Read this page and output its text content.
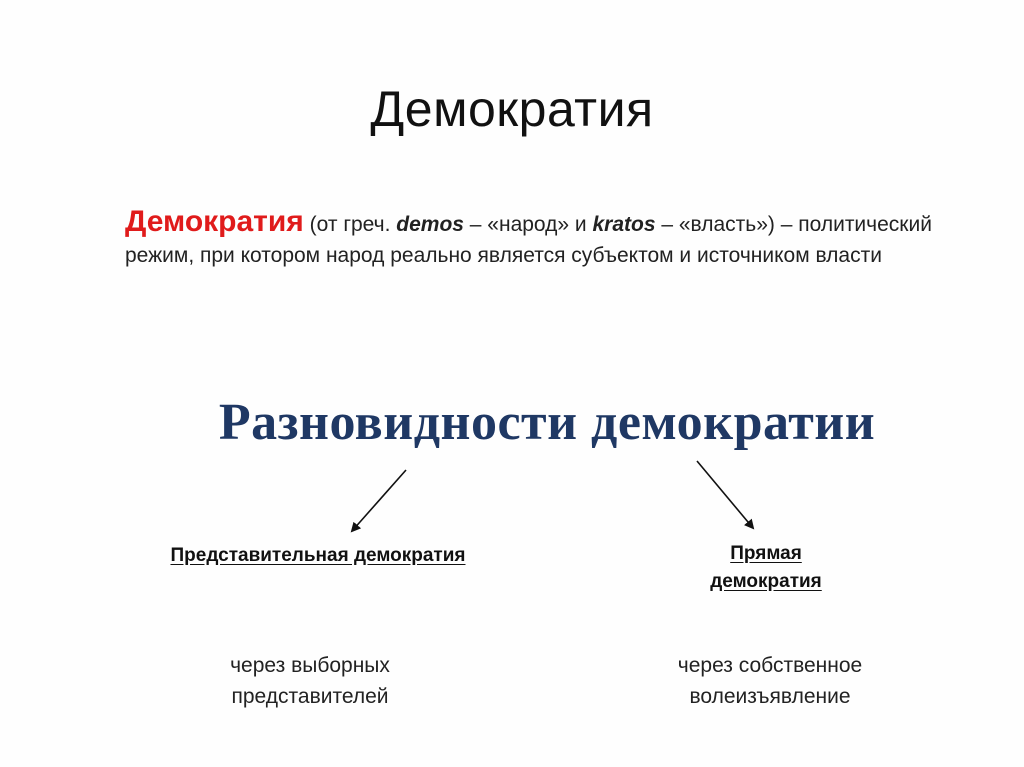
Демократия
Демократия (от греч. demos – «народ» и kratos – «власть») – политический режим, при котором народ реально является субъектом и источником власти
Разновидности демократии
Представительная демократия	Прямая
демократия
через выборных
представителей
через собственное
волеизъявление
